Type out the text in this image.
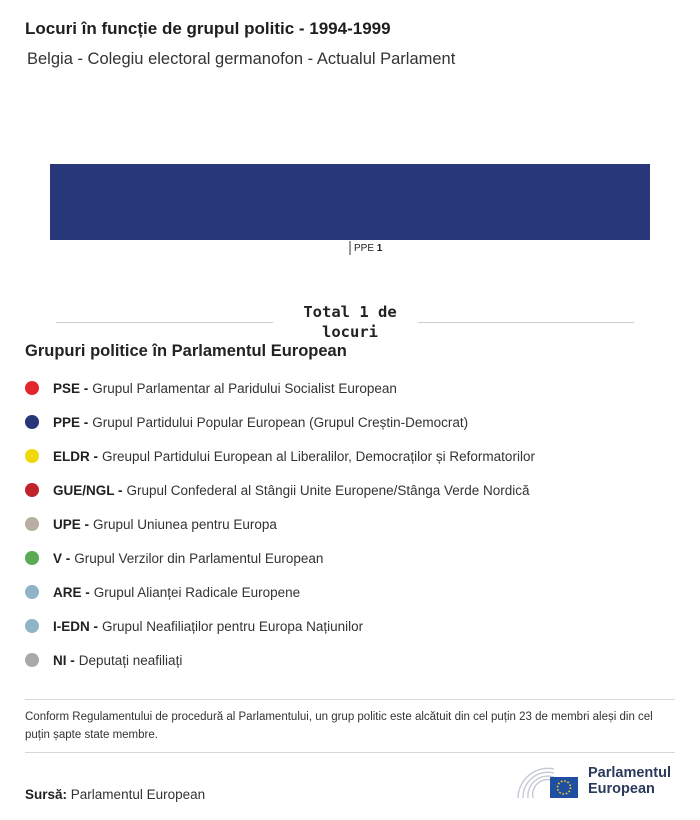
Locuri în funcție de grupul politic - 1994-1999
Belgia - Colegiu electoral germanofon - Actualul Parlament
PPE 1
Total 1 de locuri
Grupuri politice în Parlamentul European
PSE - Grupul Parlamentar al Paridului Socialist European
PPE - Grupul Partidului Popular European (Grupul Creștin-Democrat)
ELDR - Greupul Partidului European al Liberalilor, Democraților și Reformatorilor
GUE/NGL - Grupul Confederal al Stângii Unite Europene/Stânga Verde Nordică
UPE - Grupul Uniunea pentru Europa
V - Grupul Verzilor din Parlamentul European
ARE - Grupul Alianței Radicale Europene
I-EDN - Grupul Neafiliaților pentru Europa Națiunilor
NI - Deputați neafiliați
Conform Regulamentului de procedură al Parlamentului, un grup politic este alcătuit din cel puțin 23 de membri aleși din cel puțin șapte state membre.
Sursă: Parlamentul European
Parlamentul
European
